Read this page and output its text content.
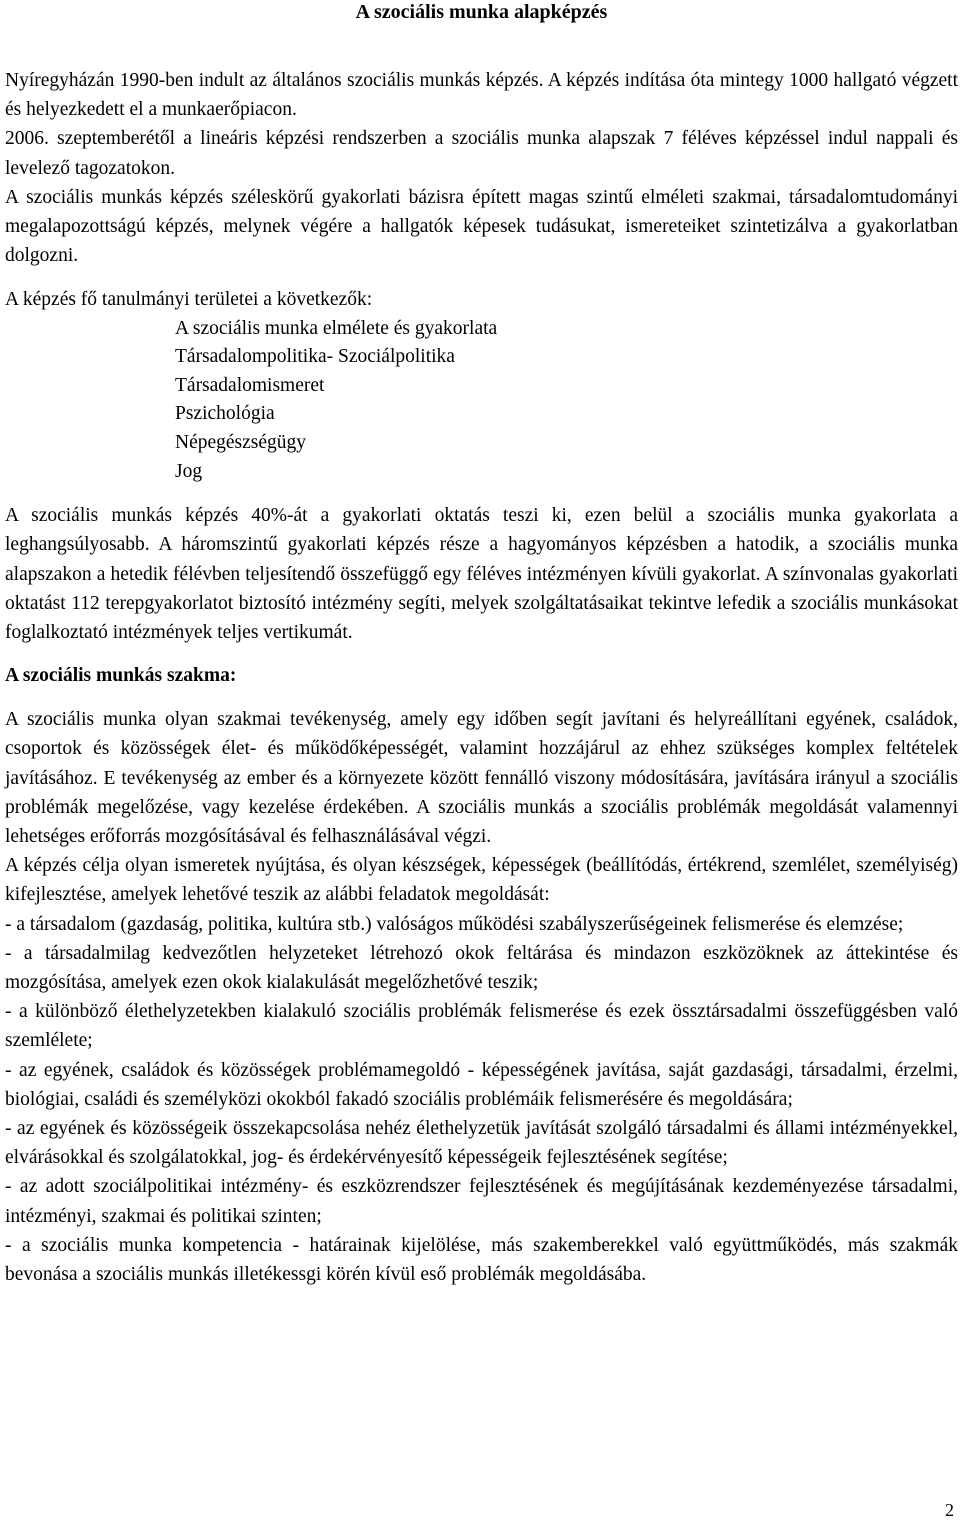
A szociális munka alapképzés

Nyíregyházán 1990-ben indult az általános szociális munkás képzés. A képzés indítása óta mintegy 1000 hallgató végzett és helyezkedett el a munkaerőpiacon.

2006. szeptemberétől a lineáris képzési rendszerben a szociális munka alapszak 7 féléves képzéssel indul nappali és levelező tagozatokon.

A szociális munkás képzés széleskörű gyakorlati bázisra épített magas szintű elméleti szakmai, társadalomtudományi megalapozottságú képzés, melynek végére a hallgatók képesek tudásukat, ismereteiket szintetizálva a gyakorlatban dolgozni.

A képzés fő tanulmányi területei a következők:

A szociális munka elmélete és gyakorlata
Társadalompolitika- Szociálpolitika
Társadalomismeret
Pszichológia
Népegészségügy
Jog

A szociális munkás képzés 40%-át a gyakorlati oktatás teszi ki, ezen belül a szociális munka gyakorlata a leghangsúlyosabb. A háromszintű gyakorlati képzés része a hagyományos képzésben a hatodik, a szociális munka alapszakon a hetedik félévben teljesítendő összefüggő egy féléves intézményen kívüli gyakorlat. A színvonalas gyakorlati oktatást 112 terepgyakorlatot biztosító intézmény segíti, melyek szolgáltatásaikat tekintve lefedik a szociális munkásokat foglalkoztató intézmények teljes vertikumát.

A szociális munkás szakma:

A szociális munka olyan szakmai tevékenység, amely egy időben segít javítani és helyreállítani egyének, családok, csoportok és közösségek élet- és működőképességét, valamint hozzájárul az ehhez szükséges komplex feltételek javításához. E tevékenység az ember és a környezete között fennálló viszony módosítására, javítására irányul a szociális problémák megelőzése, vagy kezelése érdekében. A szociális munkás a szociális problémák megoldását valamennyi lehetséges erőforrás mozgósításával és felhasználásával végzi.

A képzés célja olyan ismeretek nyújtása, és olyan készségek, képességek (beállítódás, értékrend, szemlélet, személyiség) kifejlesztése, amelyek lehetővé teszik az alábbi feladatok megoldását:

- a társadalom (gazdaság, politika, kultúra stb.) valóságos működési szabályszerűségeinek felismerése és elemzése;

- a társadalmilag kedvezőtlen helyzeteket létrehozó okok feltárása és mindazon eszközöknek az áttekintése és mozgósítása, amelyek ezen okok kialakulását megelőzhetővé teszik;

- a különböző élethelyzetekben kialakuló szociális problémák felismerése és ezek össztársadalmi összefüggésben való szemlélete;

- az egyének, családok és közösségek problémamegoldó - képességének javítása, saját gazdasági, társadalmi, érzelmi, biológiai, családi és személyközi okokból fakadó szociális problémáik felismerésére és megoldására;

- az egyének és közösségeik összekapcsolása nehéz élethelyzetük javítását szolgáló társadalmi és állami intézményekkel, elvárásokkal és szolgálatokkal, jog- és érdekérvényesítő képességeik fejlesztésének segítése;

- az adott szociálpolitikai intézmény- és eszközrendszer fejlesztésének és megújításának kezdeményezése társadalmi, intézményi, szakmai és politikai szinten;

- a szociális munka kompetencia - határainak kijelölése, más szakemberekkel való együttműködés, más szakmák bevonása a szociális munkás illetékessgi körén kívül eső problémák megoldásába.

2
